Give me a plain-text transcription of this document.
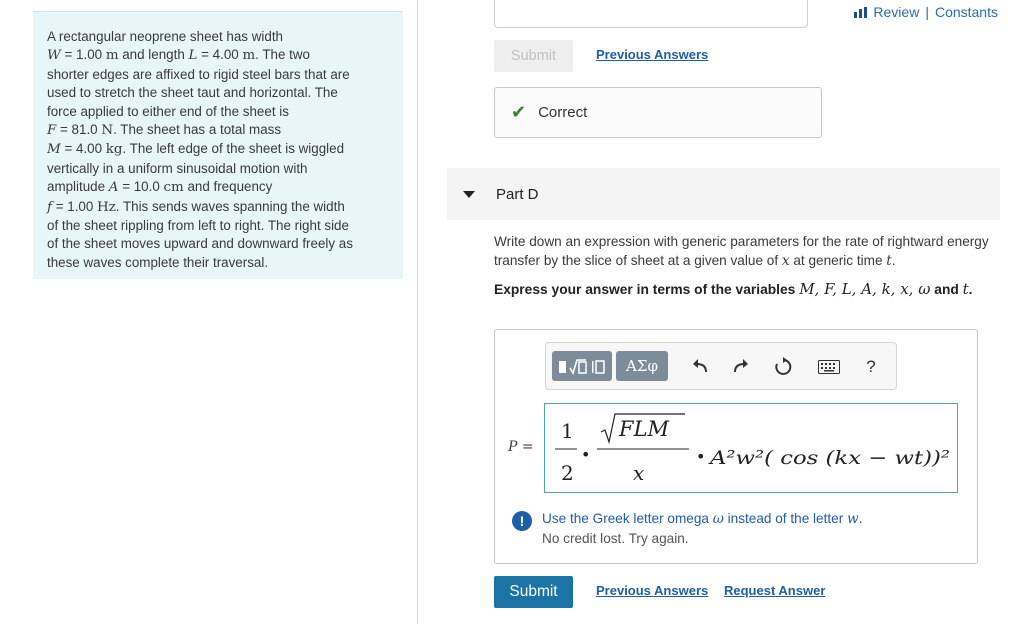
A rectangular neoprene sheet has width
W = 1.00 m and length L = 4.00 m. The two
shorter edges are affixed to rigid steel bars that are
used to stretch the sheet taut and horizontal. The
force applied to either end of the sheet is
F = 81.0 N. The sheet has a total mass
M = 4.00 kg. The left edge of the sheet is wiggled
vertically in a uniform sinusoidal motion with
amplitude A = 10.0 cm and frequency
f = 1.00 Hz. This sends waves spanning the width
of the sheet rippling from left to right. The right side
of the sheet moves upward and downward freely as
these waves complete their traversal.
Review | Constants
Submit	Previous Answers
✔ Correct
Part D
Write down an expression with generic parameters for the rate of rightward energy transfer by the slice of sheet at a given value of x at generic time t.
Express your answer in terms of the variables M, F, L, A, k, x, ω and t.
ΑΣφ	?
P =
1
2
•
FLM
x
• A²w²( cos (kx − wt))²
!	Use the Greek letter omega ω instead of the letter w.
No credit lost. Try again.
Submit	Previous Answers Request Answer
